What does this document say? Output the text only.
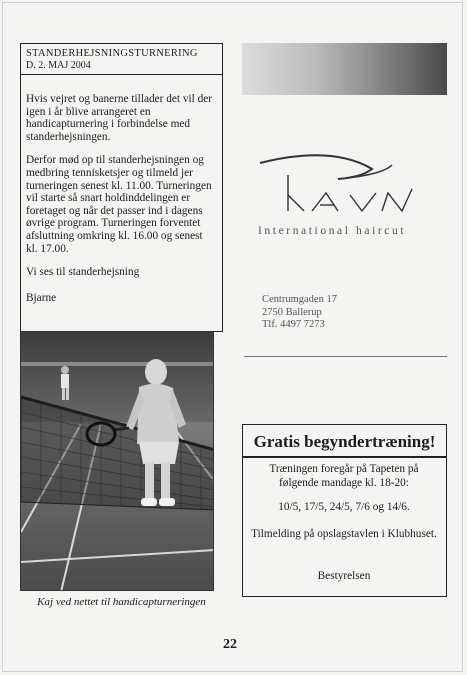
STANDERHEJSNINGSTURNERING

D. 2. MAJ 2004

Hvis vejret og banerne tillader det vil der igen i år blive arrangeret en handicapturnering i forbindelse med standerhejsningen.

Derfor mød op til standerhejsningen og medbring tennisketsjer og tilmeld jer turneringen senest kl. 11.00. Turneringen vil starte så snart holdinddelingen er foretaget og når det passer ind i dagens øvrige program. Turneringen forventet afsluttning omkring kl. 16.00 og senest kl. 17.00.

Vi ses til standerhejsning

Bjarne

Kaj ved nettet til handicapturneringen
International haircut
Centrumgaden 17
2750 Ballerup
Tlf. 4497 7273

Gratis begyndertræning!

Træningen foregår på Tapeten på følgende mandage kl. 18-20:

10/5, 17/5, 24/5, 7/6 og 14/6.

Tilmelding på opslagstavlen i Klubhuset.

Bestyrelsen

22
